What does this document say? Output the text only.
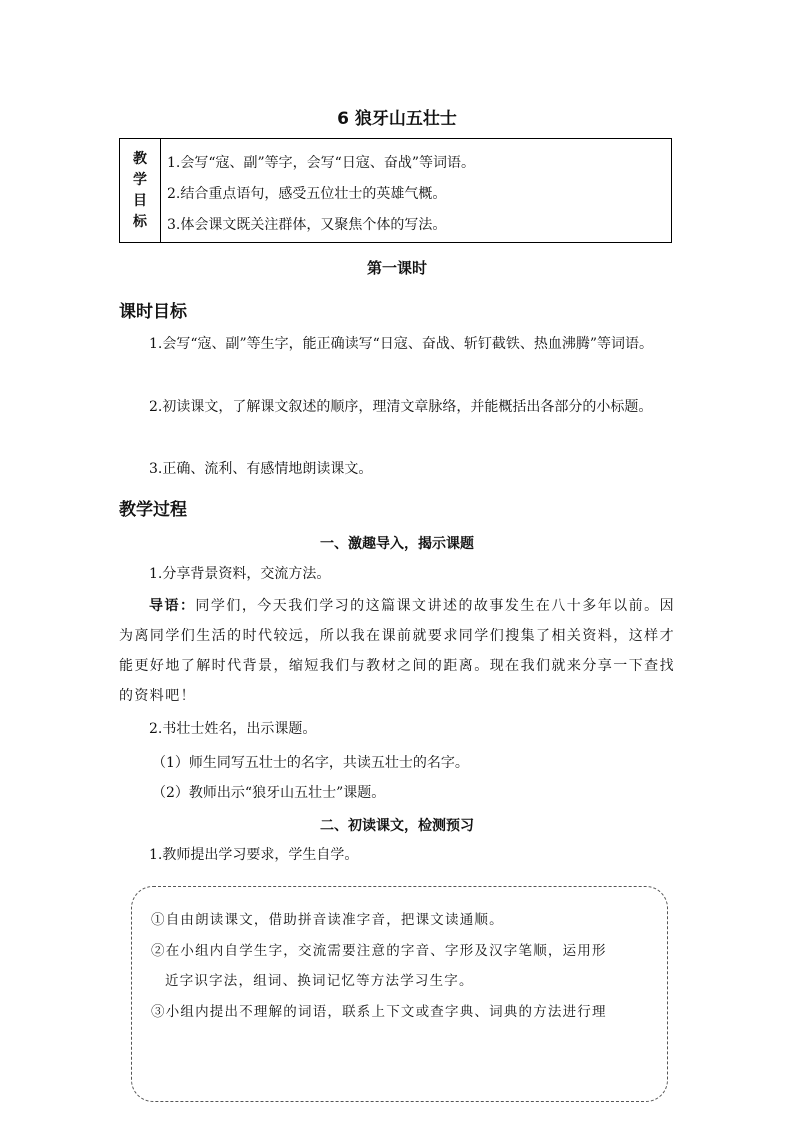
6 狼牙山五壮士
教
学
目
标
1.会写“寇、副”等字，会写“日寇、奋战”等词语。
2.结合重点语句，感受五位壮士的英雄气概。
3.体会课文既关注群体，又聚焦个体的写法。
第一课时
课时目标
1.会写“寇、副”等生字，能正确读写“日寇、奋战、斩钉截铁、热血沸腾”等词语。
2.初读课文，了解课文叙述的顺序，理清文章脉络，并能概括出各部分的小标题。
3.正确、流利、有感情地朗读课文。
教学过程
一、激趣导入，揭示课题
1.分享背景资料，交流方法。
导语：同学们，今天我们学习的这篇课文讲述的故事发生在八十多年以前。因为离同学们生活的时代较远，所以我在课前就要求同学们搜集了相关资料，这样才能更好地了解时代背景，缩短我们与教材之间的距离。现在我们就来分享一下查找的资料吧！
2.书壮士姓名，出示课题。
（1）师生同写五壮士的名字，共读五壮士的名字。
（2）教师出示“狼牙山五壮士”课题。
二、初读课文，检测预习
1.教师提出学习要求，学生自学。
①自由朗读课文，借助拼音读准字音，把课文读通顺。
②在小组内自学生字，交流需要注意的字音、字形及汉字笔顺，运用形
近字识字法，组词、换词记忆等方法学习生字。
③小组内提出不理解的词语，联系上下文或查字典、词典的方法进行理
